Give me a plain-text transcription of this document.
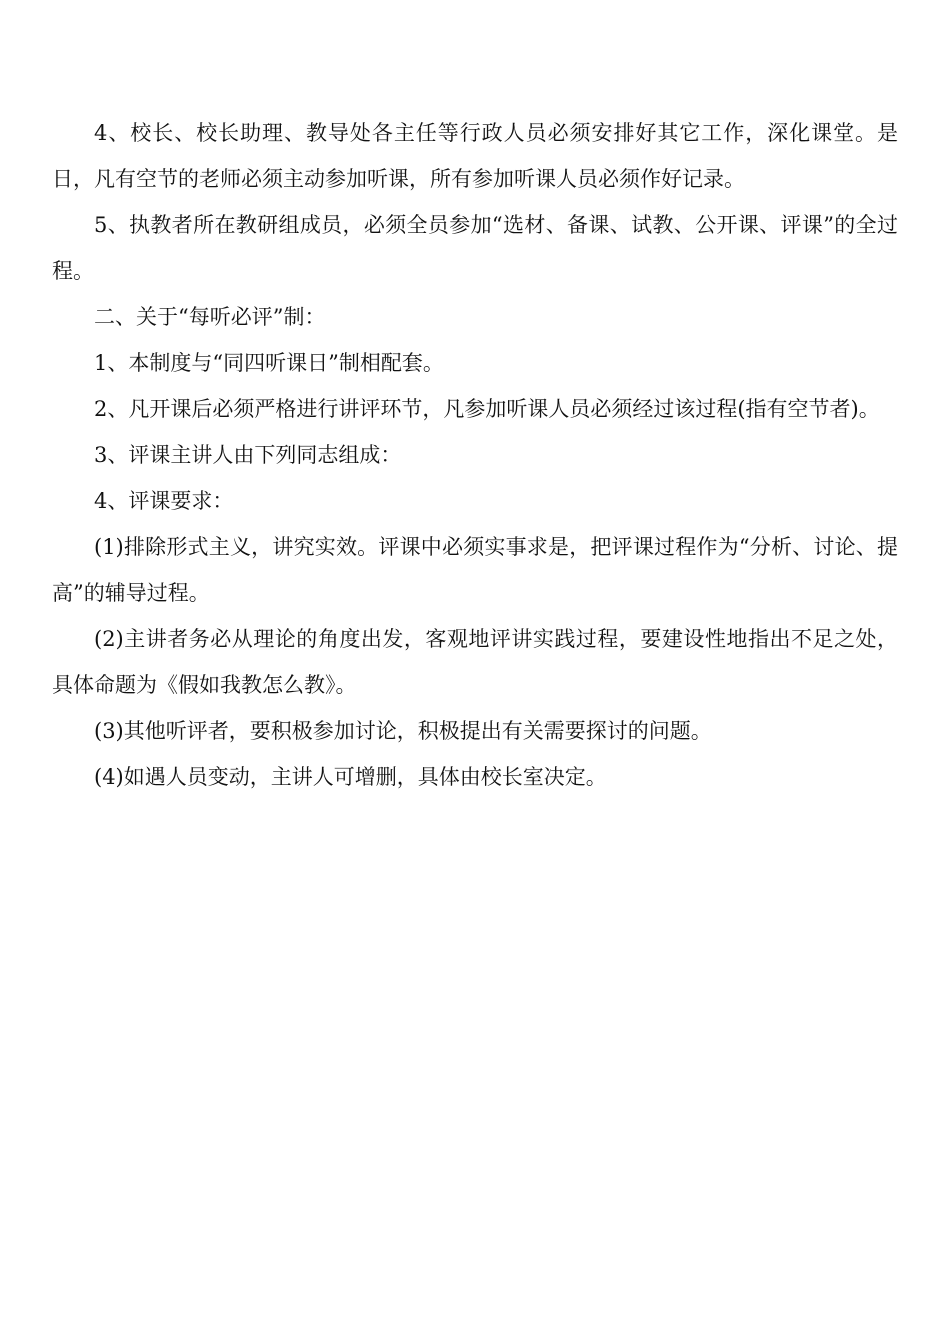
4、校长、校长助理、教导处各主任等行政人员必须安排好其它工作，深化课堂。是日，凡有空节的老师必须主动参加听课，所有参加听课人员必须作好记录。

5、执教者所在教研组成员，必须全员参加“选材、备课、试教、公开课、评课”的全过程。

二、关于“每听必评”制：

1、本制度与“同四听课日”制相配套。

2、凡开课后必须严格进行讲评环节，凡参加听课人员必须经过该过程(指有空节者)。

3、评课主讲人由下列同志组成：

4、评课要求：

(1)排除形式主义，讲究实效。评课中必须实事求是，把评课过程作为“分析、讨论、提高”的辅导过程。

(2)主讲者务必从理论的角度出发，客观地评讲实践过程，要建设性地指出不足之处，具体命题为《假如我教怎么教》。

(3)其他听评者，要积极参加讨论，积极提出有关需要探讨的问题。

(4)如遇人员变动，主讲人可增删，具体由校长室决定。
